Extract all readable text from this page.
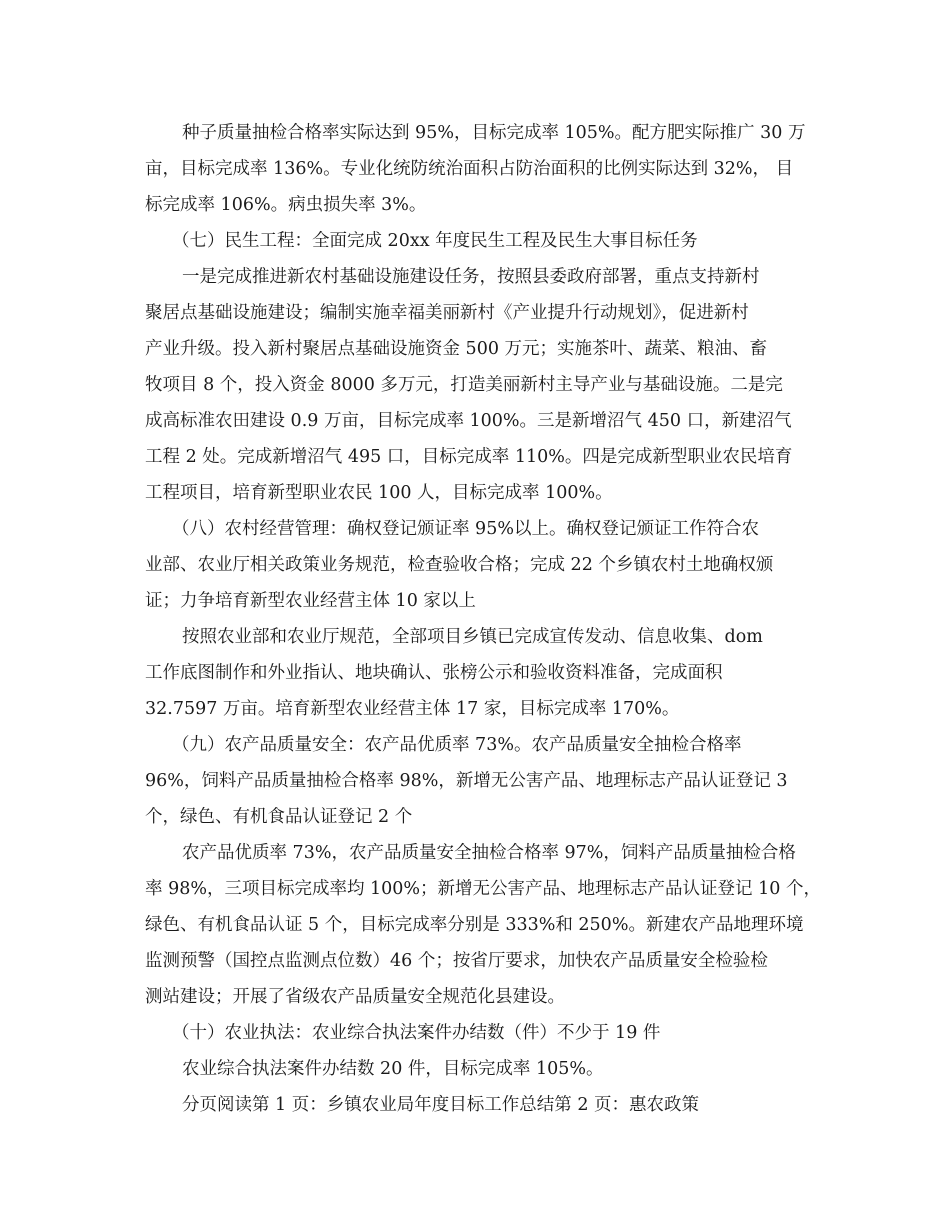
种子质量抽检合格率实际达到 95%，目标完成率 105%。配方肥实际推广 30 万

亩，目标完成率 136%。专业化统防统治面积占防治面积的比例实际达到 32%， 目

标完成率 106%。病虫损失率 3%。

（七）民生工程：全面完成 20xx 年度民生工程及民生大事目标任务

一是完成推进新农村基础设施建设任务，按照县委政府部署，重点支持新村

聚居点基础设施建设；编制实施幸福美丽新村《产业提升行动规划》，促进新村

产业升级。投入新村聚居点基础设施资金 500 万元；实施茶叶、蔬菜、粮油、畜

牧项目 8 个，投入资金 8000 多万元，打造美丽新村主导产业与基础设施。二是完

成高标准农田建设 0.9 万亩，目标完成率 100%。三是新增沼气 450 口，新建沼气

工程 2 处。完成新增沼气 495 口，目标完成率 110%。四是完成新型职业农民培育

工程项目，培育新型职业农民 100 人，目标完成率 100%。

（八）农村经营管理：确权登记颁证率 95%以上。确权登记颁证工作符合农

业部、农业厅相关政策业务规范，检查验收合格；完成 22 个乡镇农村土地确权颁

证；力争培育新型农业经营主体 10 家以上

按照农业部和农业厅规范，全部项目乡镇已完成宣传发动、信息收集、dom

工作底图制作和外业指认、地块确认、张榜公示和验收资料准备，完成面积

32.7597 万亩。培育新型农业经营主体 17 家，目标完成率 170%。

（九）农产品质量安全：农产品优质率 73%。农产品质量安全抽检合格率

96%，饲料产品质量抽检合格率 98%，新增无公害产品、地理标志产品认证登记 3

个，绿色、有机食品认证登记 2 个

农产品优质率 73%，农产品质量安全抽检合格率 97%，饲料产品质量抽检合格

率 98%，三项目标完成率均 100%；新增无公害产品、地理标志产品认证登记 10 个，

绿色、有机食品认证 5 个，目标完成率分别是 333%和 250%。新建农产品地理环境

监测预警（国控点监测点位数）46 个；按省厅要求，加快农产品质量安全检验检

测站建设；开展了省级农产品质量安全规范化县建设。

（十）农业执法：农业综合执法案件办结数（件）不少于 19 件

农业综合执法案件办结数 20 件，目标完成率 105%。

分页阅读第 1 页：乡镇农业局年度目标工作总结第 2 页：惠农政策
